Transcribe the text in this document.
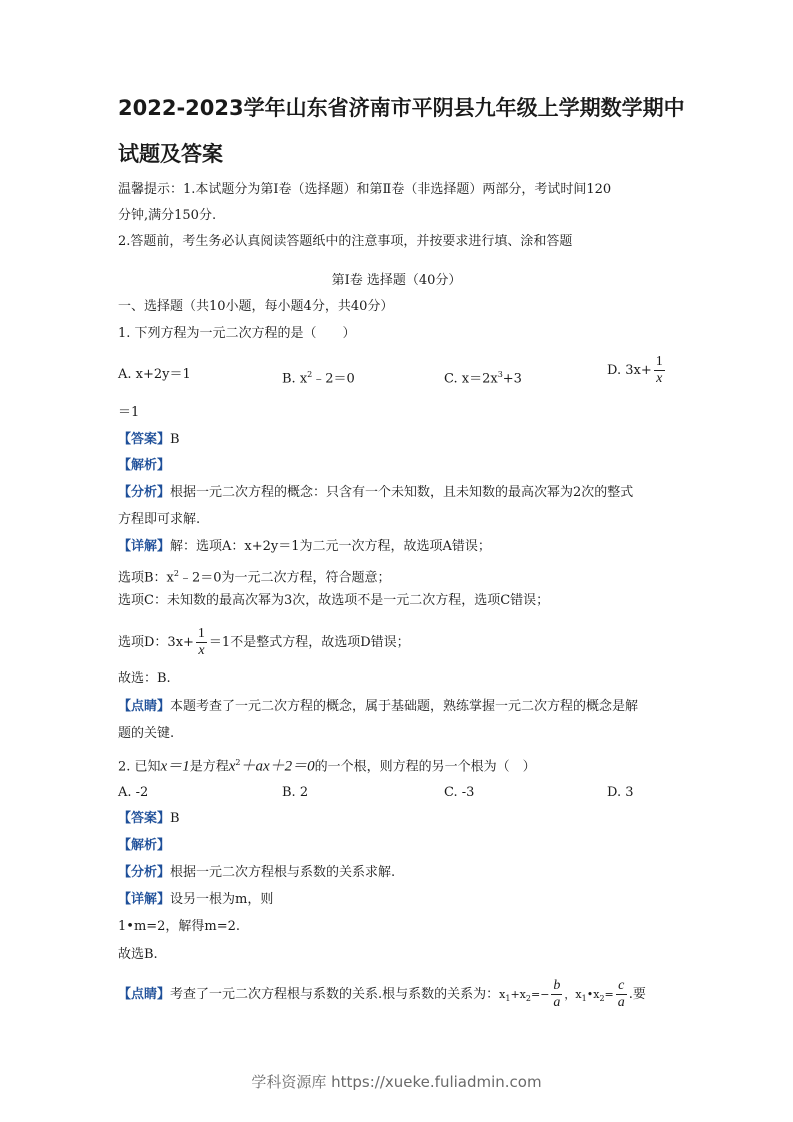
2022-2023学年山东省济南市平阴县九年级上学期数学期中
试题及答案
温馨提示：1.本试题分为第Ⅰ卷（选择题）和第Ⅱ卷（非选择题）两部分，考试时间120
分钟,满分150分.
2.答题前，考生务必认真阅读答题纸中的注意事项，并按要求进行填、涂和答题
第Ⅰ卷 选择题（40分）
一、选择题（共10小题，每小题4分，共40分）
1. 下列方程为一元二次方程的是（　　）
A. x+2y＝1	B. $x^2﹣2=0$	C. $x=2x^3+3$
D. $3x+ \frac{1}{x}$
＝1
【答案】B
【解析】
【分析】根据一元二次方程的概念：只含有一个未知数，且未知数的最高次幂为2次的整式
方程即可求解.
【详解】解：选项A：x+2y＝1为二元一次方程，故选项A错误；
选项B：$x^2﹣2=0$为一元二次方程，符合题意；
选项C：未知数的最高次幂为3次，故选项不是一元二次方程，选项C错误；
选项D：$3x+ \frac{1}{x} =1$不是整式方程，故选项D错误；
故选：B.
【点睛】本题考查了一元二次方程的概念，属于基础题，熟练掌握一元二次方程的概念是解
题的关键.
2. 已知x＝1是方程$x^2+ax+2=0$的一个根，则方程的另一个根为（　）
A. -2	B. 2	C. -3	D. 3
【答案】B
【解析】
【分析】根据一元二次方程根与系数的关系求解.
【详解】设另一根为m，则
1•m=2，解得m=2.
故选B.
【点睛】考查了一元二次方程根与系数的关系.根与系数的关系为：$x_1+x_2=- \frac{b}{a}$ ，$x_1•x_2= \frac{c}{a}$ .要
学科资源库 https://xueke.fuliadmin.com
